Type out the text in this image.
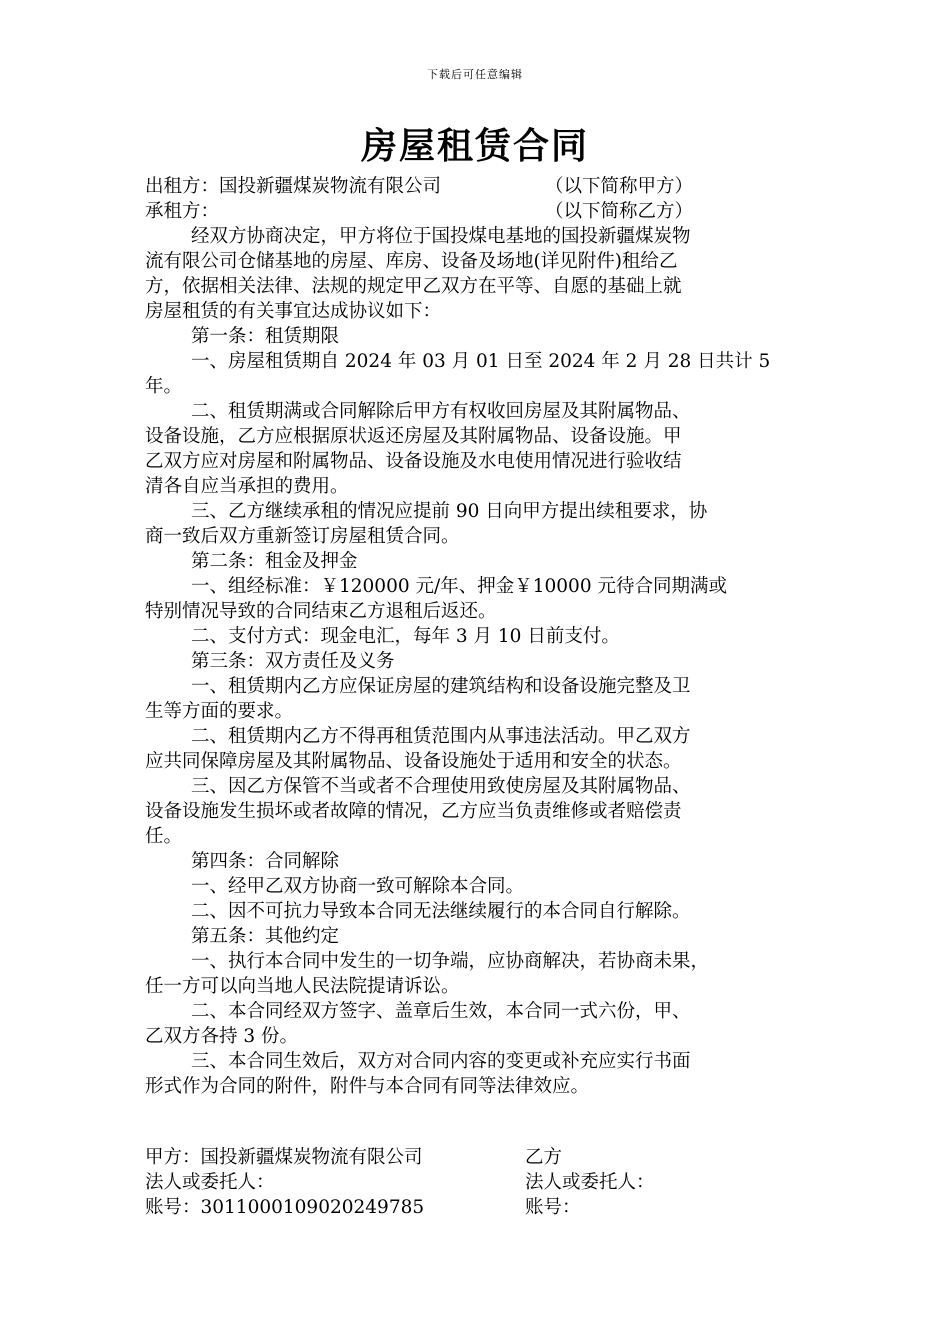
下载后可任意编辑
房屋租赁合同
出租方：国投新疆煤炭物流有限公司	（以下简称甲方）
承租方：	（以下简称乙方）
经双方协商决定，甲方将位于国投煤电基地的国投新疆煤炭物
流有限公司仓储基地的房屋、库房、设备及场地(详见附件)租给乙
方，依据相关法律、法规的规定甲乙双方在平等、自愿的基础上就
房屋租赁的有关事宜达成协议如下：
第一条：租赁期限
一、房屋租赁期自 2024 年 03 月 01 日至 2024 年 2 月 28 日共计 5
年。
二、租赁期满或合同解除后甲方有权收回房屋及其附属物品、
设备设施，乙方应根据原状返还房屋及其附属物品、设备设施。甲
乙双方应对房屋和附属物品、设备设施及水电使用情况进行验收结
清各自应当承担的费用。
三、乙方继续承租的情况应提前 90 日向甲方提出续租要求，协
商一致后双方重新签订房屋租赁合同。
第二条：租金及押金
一、组经标准：￥120000 元/年、押金￥10000 元待合同期满或
特别情况导致的合同结束乙方退租后返还。
二、支付方式：现金电汇，每年 3 月 10 日前支付。
第三条：双方责任及义务
一、租赁期内乙方应保证房屋的建筑结构和设备设施完整及卫
生等方面的要求。
二、租赁期内乙方不得再租赁范围内从事违法活动。甲乙双方
应共同保障房屋及其附属物品、设备设施处于适用和安全的状态。
三、因乙方保管不当或者不合理使用致使房屋及其附属物品、
设备设施发生损坏或者故障的情况，乙方应当负责维修或者赔偿责
任。
第四条：合同解除
一、经甲乙双方协商一致可解除本合同。
二、因不可抗力导致本合同无法继续履行的本合同自行解除。
第五条：其他约定
一、执行本合同中发生的一切争端，应协商解决，若协商未果，
任一方可以向当地人民法院提请诉讼。
二、本合同经双方签字、盖章后生效，本合同一式六份，甲、
乙双方各持 3 份。
三、本合同生效后，双方对合同内容的变更或补充应实行书面
形式作为合同的附件，附件与本合同有同等法律效应。
甲方：国投新疆煤炭物流有限公司	乙方
法人或委托人：	法人或委托人：
账号：3011000109020249785	账号：
